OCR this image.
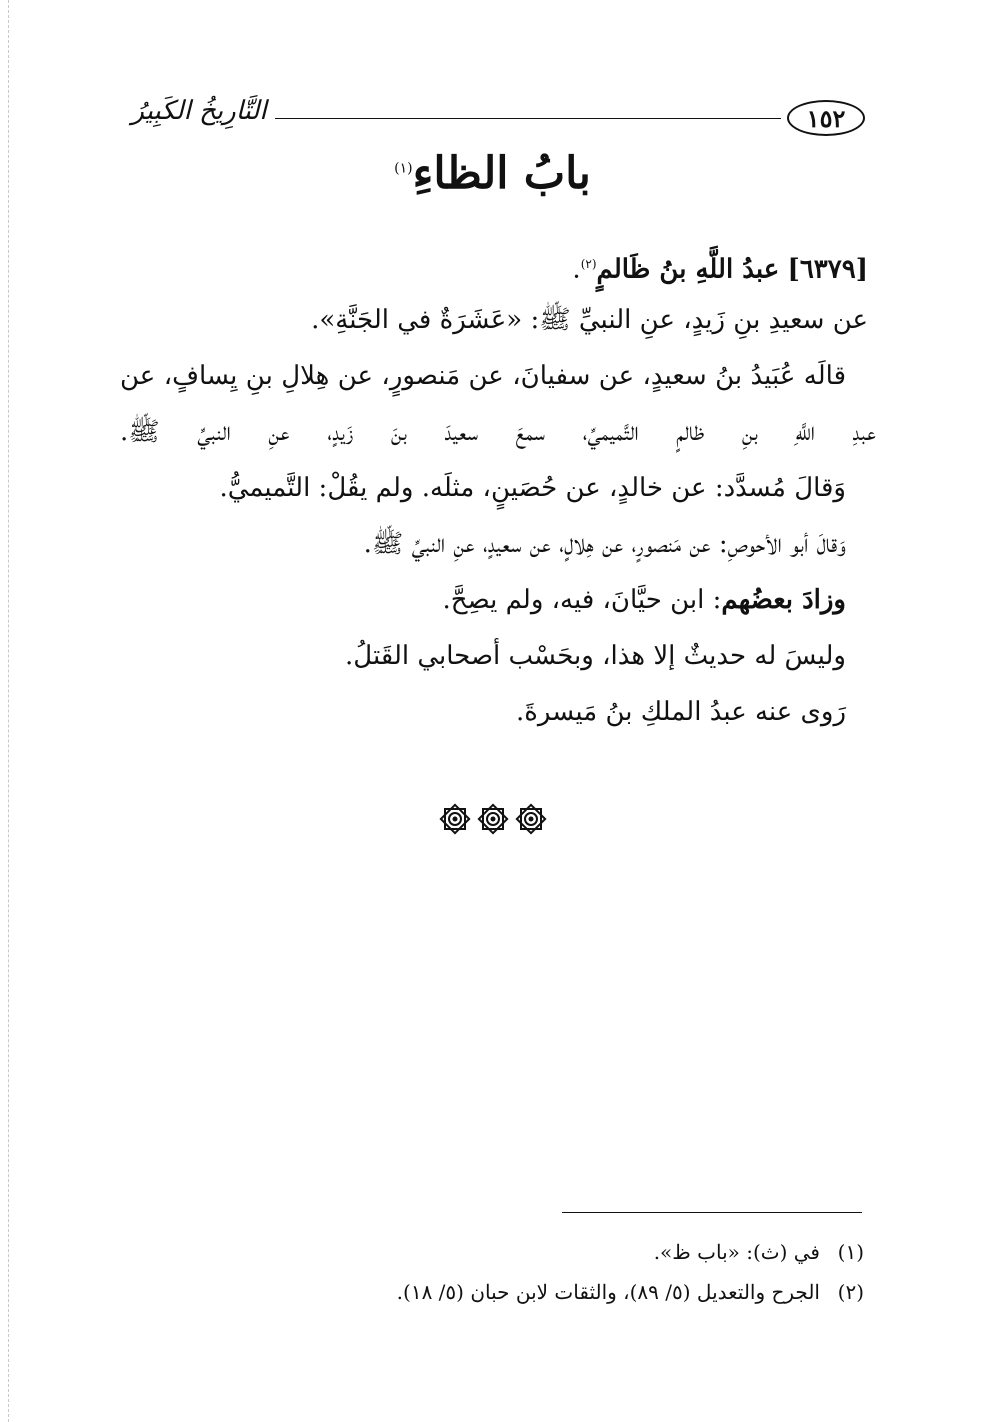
التَّارِيخُ الكَبِيرُ	١٥٢
بابُ الظاءِ$^{(١)}$
[٦٣٧٩] عبدُ اللَّهِ بنُ ظَالمٍ$^{(٢)}$.
عن سعيدِ بنِ زَيدٍ، عنِ النبيِّ ﷺ: «عَشَرَةٌ في الجَنَّةِ».
قالَه عُبَيدُ بنُ سعيدٍ، عن سفيانَ، عن مَنصورٍ، عن هِلالِ بنِ يِسافٍ، عن
عبدِ اللَّهِ بنِ ظالمٍ التَّميميِّ، سمعَ سعيدَ بنَ زَيدٍ، عنِ النبيِّ ﷺ.
وَقالَ مُسدَّد: عن خالدٍ، عن حُصَينٍ، مثلَه. ولم يقُلْ: التَّميميُّ.
وَقالَ أبو الأحوصِ: عن مَنصورٍ، عن هِلالٍ، عن سعيدٍ، عنِ النبيِّ ﷺ.
وزادَ بعضُهم: ابن حيَّانَ، فيه، ولم يصِحَّ.
وليسَ له حديثٌ إلا هذا، وبحَسْب أصحابي القَتلُ.
رَوى عنه عبدُ الملكِ بنُ مَيسرةَ.
(١)في (ث): «باب ظ».
(٢)الجرح والتعديل (٥/ ٨٩)، والثقات لابن حبان (٥/ ١٨).
